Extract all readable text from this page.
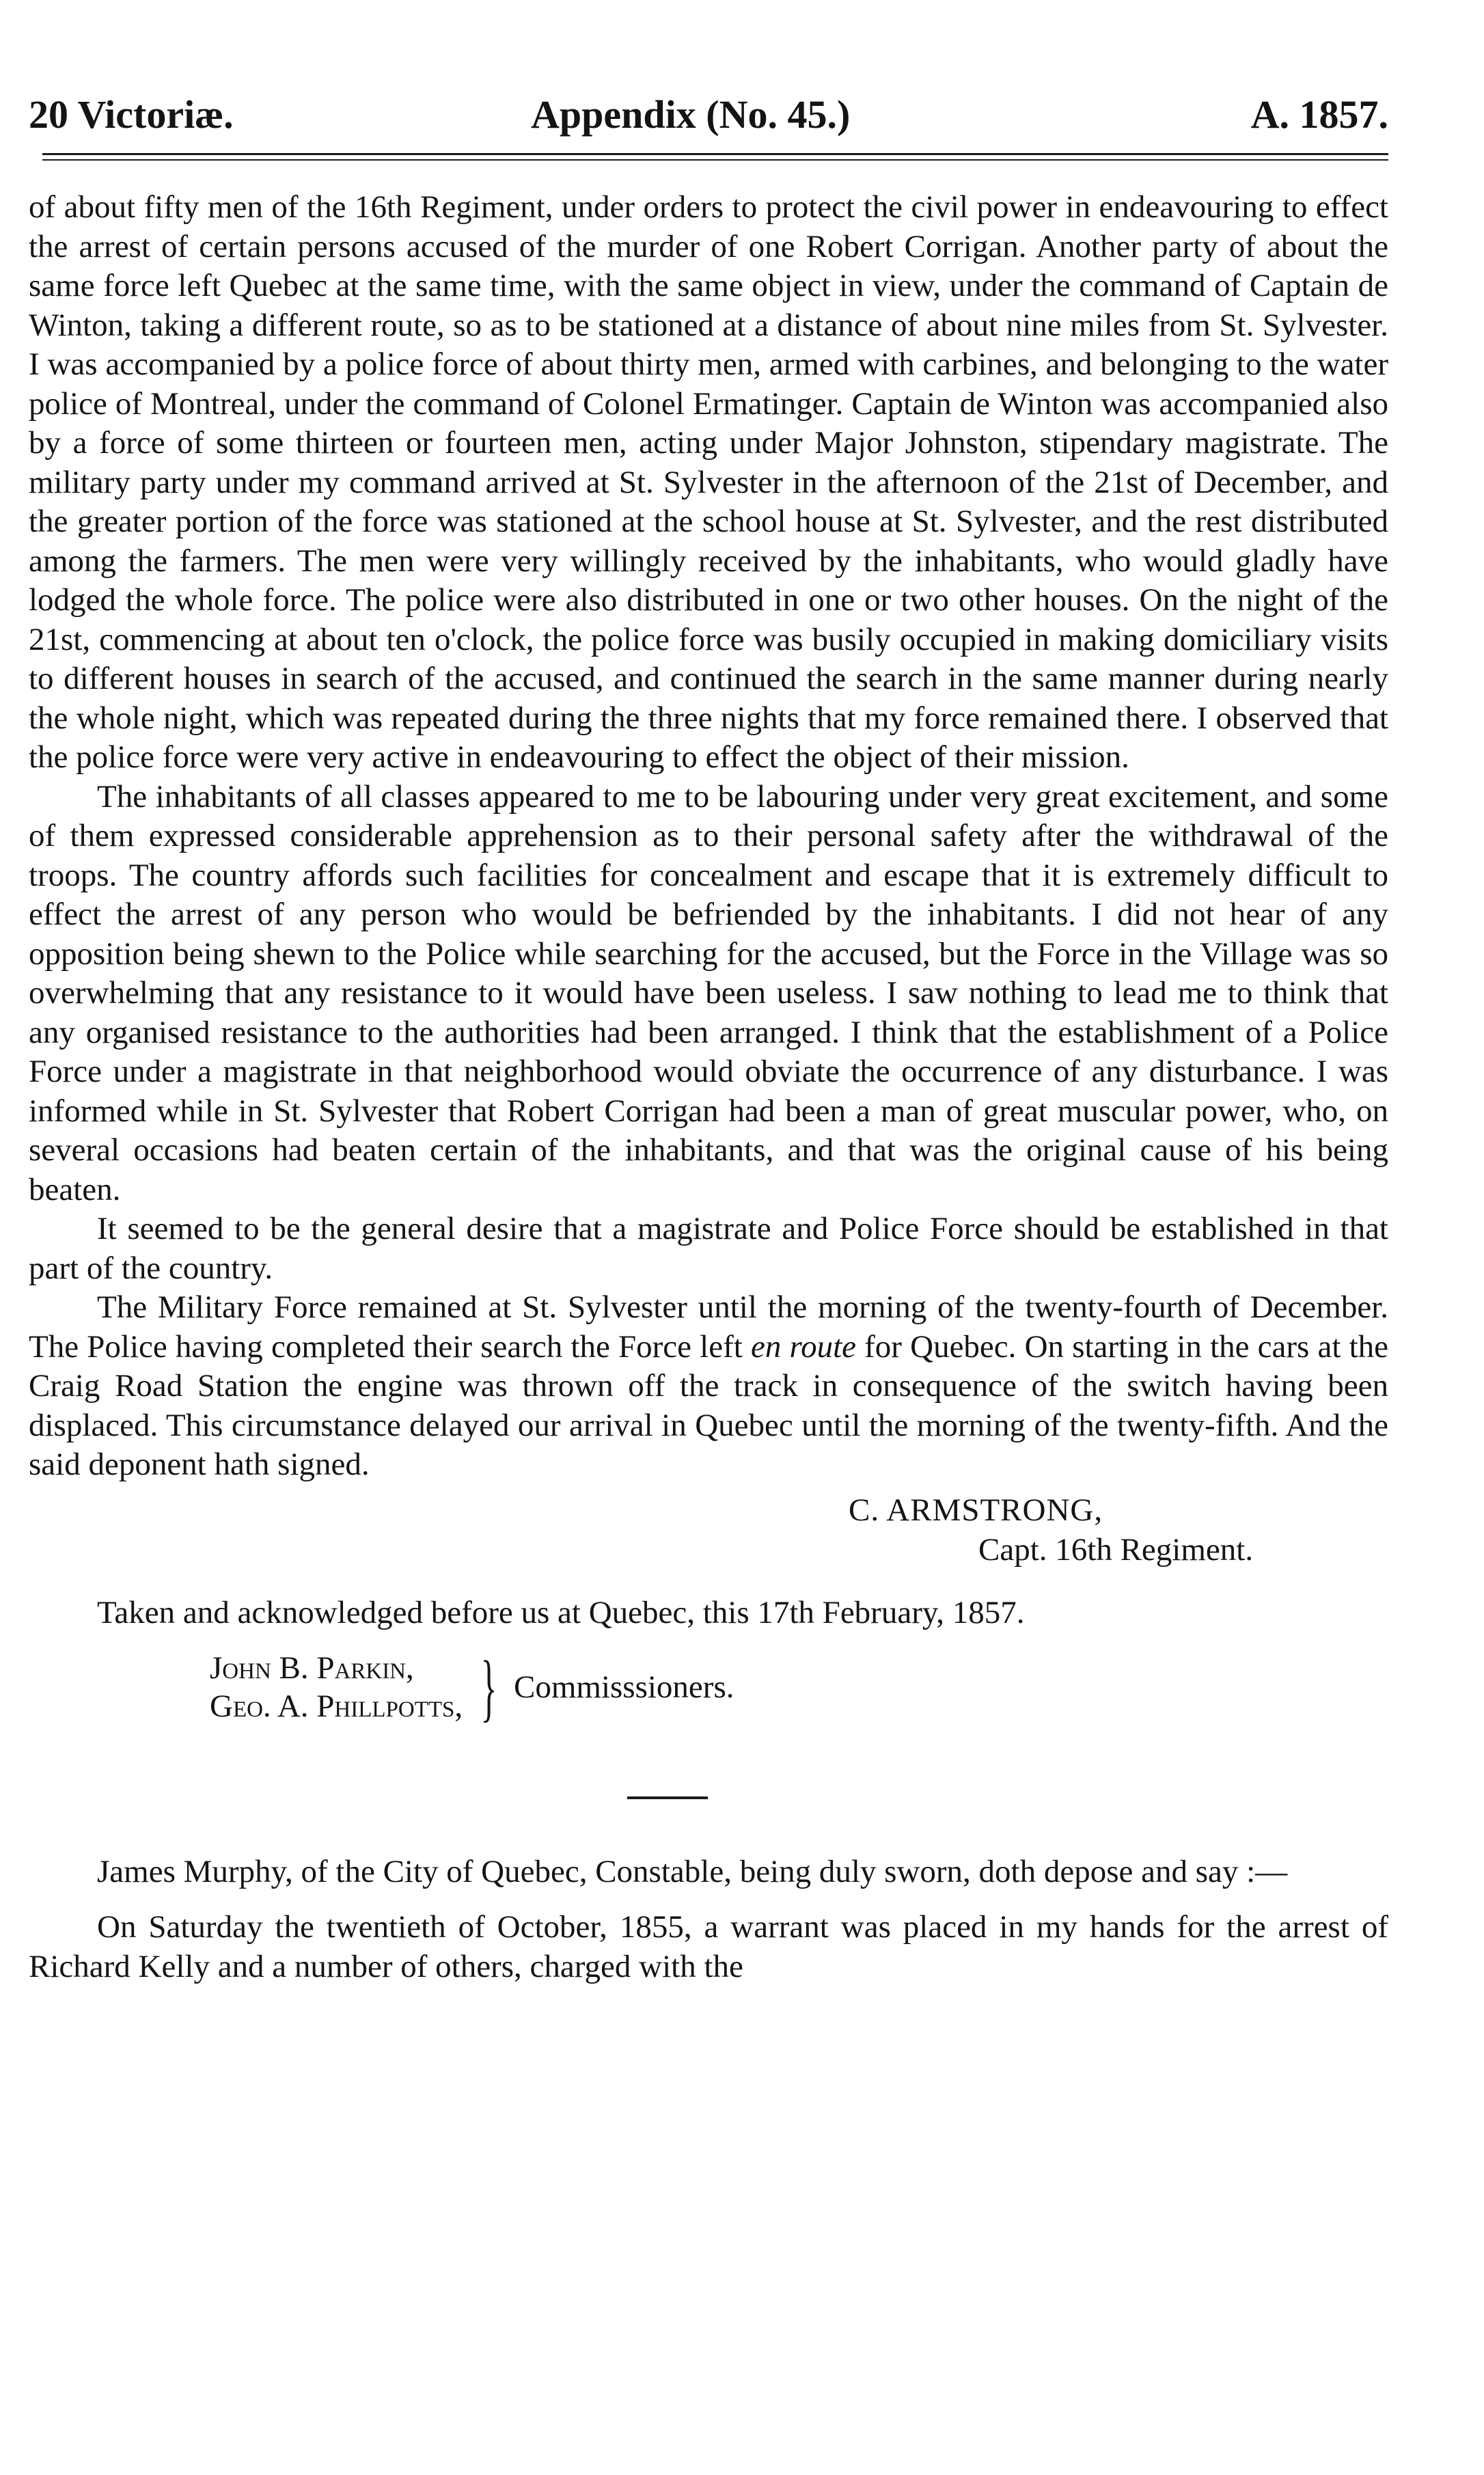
20 Victoriæ.	Appendix (No. 45.)	A. 1857.

of about fifty men of the 16th Regiment, under orders to protect the civil power in endeavouring to effect the arrest of certain persons accused of the murder of one Robert Corrigan. Another party of about the same force left Quebec at the same time, with the same object in view, under the command of Captain de Winton, taking a different route, so as to be stationed at a distance of about nine miles from St. Sylvester. I was accompanied by a police force of about thirty men, armed with carbines, and belonging to the water police of Montreal, under the command of Colonel Ermatinger. Captain de Winton was accompanied also by a force of some thirteen or fourteen men, acting under Major Johnston, stipendary magistrate. The military party under my command arrived at St. Sylvester in the afternoon of the 21st of December, and the greater portion of the force was stationed at the school house at St. Sylvester, and the rest distributed among the farmers. The men were very willingly received by the inhabitants, who would gladly have lodged the whole force. The police were also distributed in one or two other houses. On the night of the 21st, commencing at about ten o'clock, the police force was busily occupied in making domiciliary visits to different houses in search of the accused, and continued the search in the same manner during nearly the whole night, which was repeated during the three nights that my force remained there. I observed that the police force were very active in endeavouring to effect the object of their mission.

The inhabitants of all classes appeared to me to be labouring under very great excitement, and some of them expressed considerable apprehension as to their personal safety after the withdrawal of the troops. The country affords such facilities for concealment and escape that it is extremely difficult to effect the arrest of any person who would be befriended by the inhabitants. I did not hear of any opposition being shewn to the Police while searching for the accused, but the Force in the Village was so overwhelming that any resistance to it would have been useless. I saw nothing to lead me to think that any organised resistance to the authorities had been arranged. I think that the establishment of a Police Force under a magistrate in that neighborhood would obviate the occurrence of any disturbance. I was informed while in St. Sylvester that Robert Corrigan had been a man of great muscular power, who, on several occasions had beaten certain of the inhabitants, and that was the original cause of his being beaten.

It seemed to be the general desire that a magistrate and Police Force should be established in that part of the country.

The Military Force remained at St. Sylvester until the morning of the twenty-fourth of December. The Police having completed their search the Force left en route for Quebec. On starting in the cars at the Craig Road Station the engine was thrown off the track in consequence of the switch having been displaced. This circumstance delayed our arrival in Quebec until the morning of the twenty-fifth. And the said deponent hath signed.

C. ARMSTRONG,
Capt. 16th Regiment.
Taken and acknowledged before us at Quebec, this 17th February, 1857.
John B. Parkin,
Geo. A. Phillpotts, } Commisssioners.

James Murphy, of the City of Quebec, Constable, being duly sworn, doth depose and say :—

On Saturday the twentieth of October, 1855, a warrant was placed in my hands for the arrest of Richard Kelly and a number of others, charged with the
